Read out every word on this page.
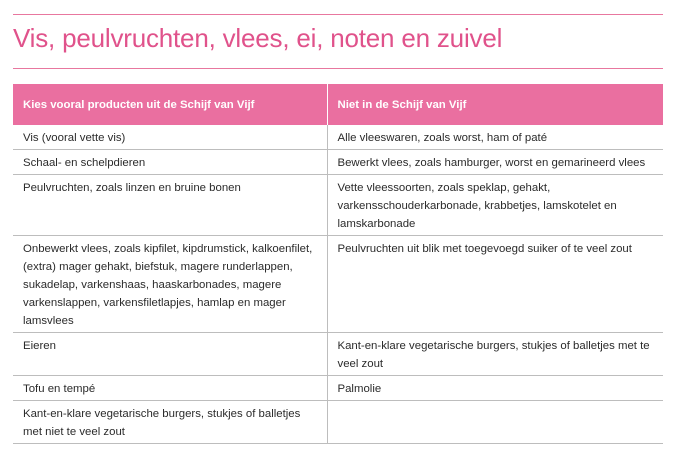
Vis, peulvruchten, vlees, ei, noten en zuivel
Kies vooral producten uit de Schijf van Vijf	Niet in de Schijf van Vijf
Vis (vooral vette vis)	Alle vleeswaren, zoals worst, ham of paté
Schaal- en schelpdieren	Bewerkt vlees, zoals hamburger, worst en gemarineerd vlees
Peulvruchten, zoals linzen en bruine bonen	Vette vleessoorten, zoals speklap, gehakt, varkensschouderkarbonade, krabbetjes, lamskotelet en lamskarbonade
Onbewerkt vlees, zoals kipfilet, kipdrumstick, kalkoenfilet, (extra) mager gehakt, biefstuk, magere runderlappen, sukadelap, varkenshaas, haaskarbonades, magere varkenslappen, varkensfiletlapjes, hamlap en mager lamsvlees	Peulvruchten uit blik met toegevoegd suiker of te veel zout
Eieren	Kant-en-klare vegetarische burgers, stukjes of balletjes met te veel zout
Tofu en tempé	Palmolie
Kant-en-klare vegetarische burgers, stukjes of balletjes met niet te veel zout	
